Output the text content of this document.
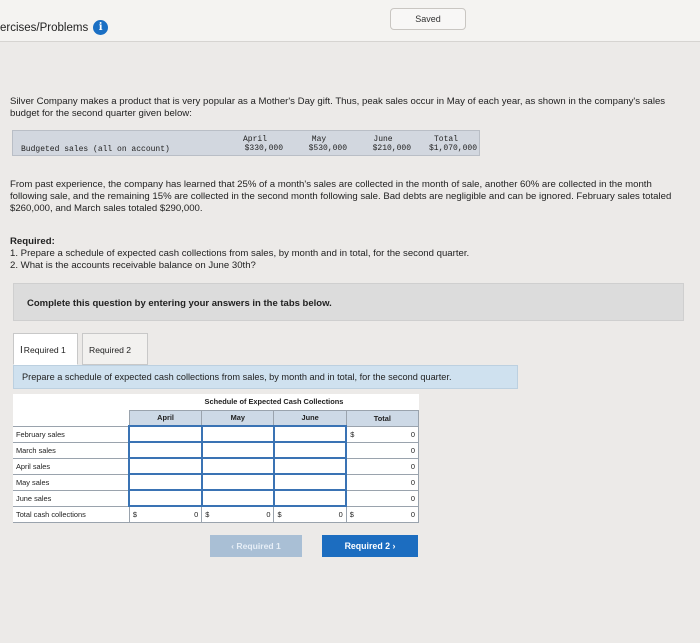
ercises/Problems	i
Saved
Silver Company makes a product that is very popular as a Mother's Day gift. Thus, peak sales occur in May of each year, as shown in the company's sales budget for the second quarter given below:
Budgeted sales (all on account)
April
$330,000
May
$530,000
June
$210,000
Total
$1,070,000
From past experience, the company has learned that 25% of a month's sales are collected in the month of sale, another 60% are collected in the month following sale, and the remaining 15% are collected in the second month following sale. Bad debts are negligible and can be ignored. February sales totaled $260,000, and March sales totaled $290,000.
Required:
1. Prepare a schedule of expected cash collections from sales, by month and in total, for the second quarter.
2. What is the accounts receivable balance on June 30th?
Complete this question by entering your answers in the tabs below.
IRequired 1	Required 2
Prepare a schedule of expected cash collections from sales, by month and in total, for the second quarter.
	Schedule of Expected Cash Collections			
	April	May	June	Total
February sales				$ 0
March sales				0
April sales				0
May sales				0
June sales				0
Total cash collections	$ 0	$ 0	$ 0	$ 0
‹ Required 1	Required 2 ›
